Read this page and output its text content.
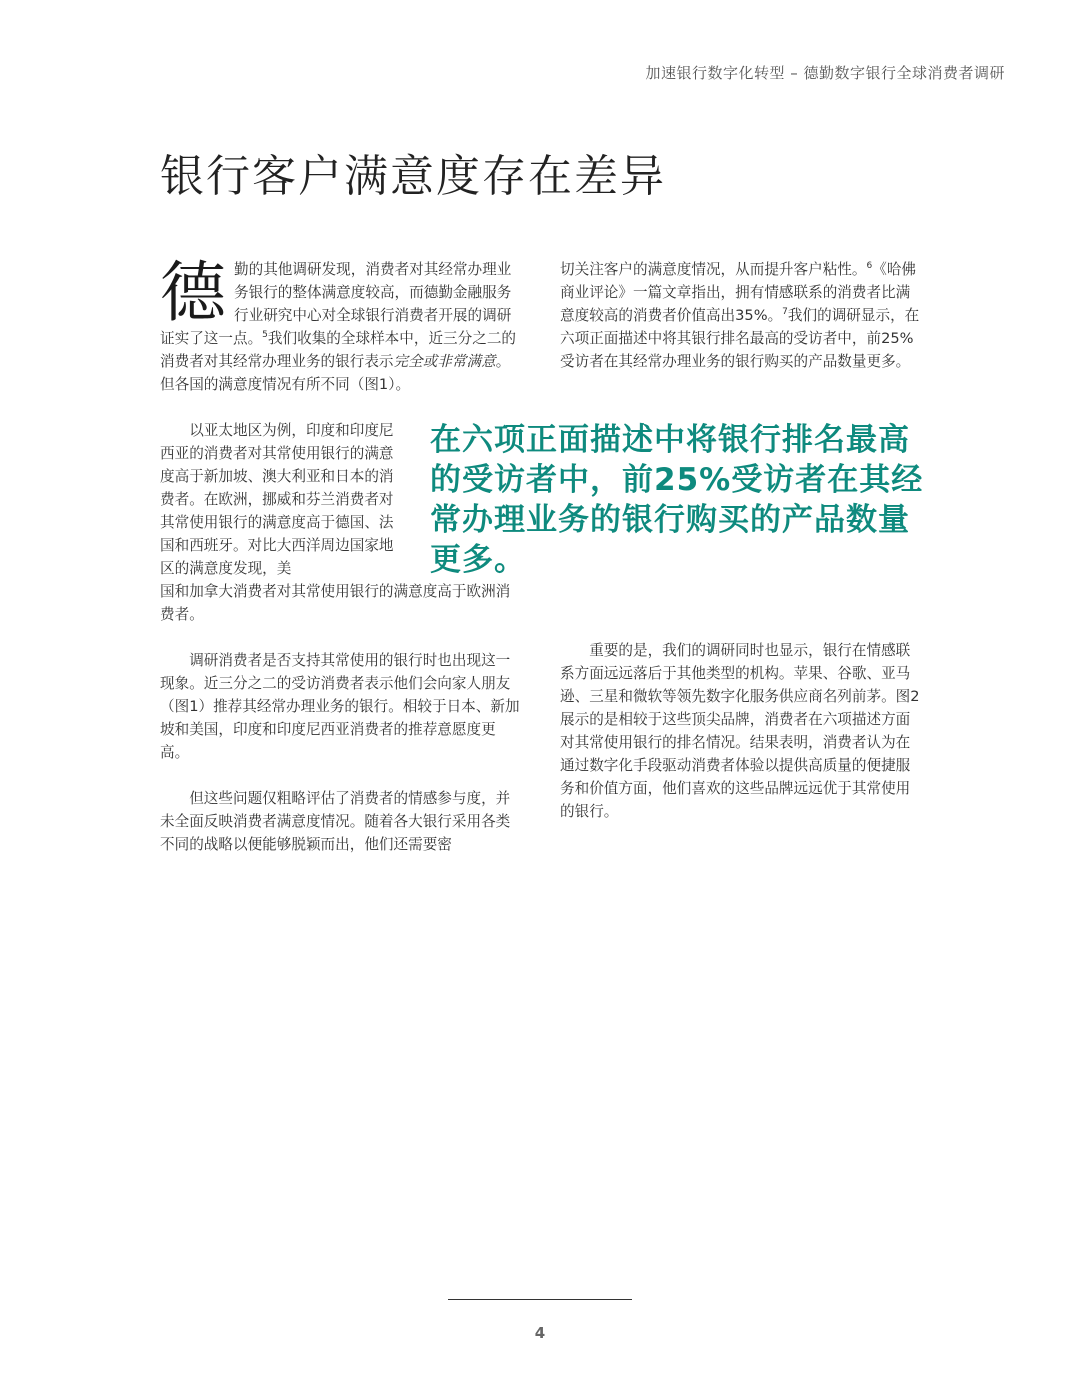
加速银行数字化转型 – 德勤数字银行全球消费者调研
银行客户满意度存在差异

德勤的其他调研发现，消费者对其经常办理业务银行的整体满意度较高，而德勤金融服务行业研究中心对全球银行消费者开展的调研证实了这一点。$^5$我们收集的全球样本中，近三分之二的消费者对其经常办理业务的银行表示完全或非常满意。但各国的满意度情况有所不同（图1）。

以亚太地区为例，印度和印度尼西亚的消费者对其常使用银行的满意度高于新加坡、澳大利亚和日本的消费者。在欧洲，挪威和芬兰消费者对其常使用银行的满意度高于德国、法国和西班牙。对比大西洋周边国家地区的满意度发现，美

国和加拿大消费者对其常使用银行的满意度高于欧洲消费者。

调研消费者是否支持其常使用的银行时也出现这一现象。近三分之二的受访消费者表示他们会向家人朋友（图1）推荐其经常办理业务的银行。相较于日本、新加坡和美国，印度和印度尼西亚消费者的推荐意愿度更高。

但这些问题仅粗略评估了消费者的情感参与度，并未全面反映消费者满意度情况。随着各大银行采用各类不同的战略以便能够脱颖而出，他们还需要密

切关注客户的满意度情况，从而提升客户粘性。$^6$《哈佛商业评论》一篇文章指出，拥有情感联系的消费者比满意度较高的消费者价值高出35%。$^7$我们的调研显示，在六项正面描述中将其银行排名最高的受访者中，前25%受访者在其经常办理业务的银行购买的产品数量更多。

在六项正面描述中将银行排名最高的受访者中，前25%受访者在其经常办理业务的银行购买的产品数量更多。

重要的是，我们的调研同时也显示，银行在情感联系方面远远落后于其他类型的机构。苹果、谷歌、亚马逊、三星和微软等领先数字化服务供应商名列前茅。图2展示的是相较于这些顶尖品牌，消费者在六项描述方面对其常使用银行的排名情况。结果表明，消费者认为在通过数字化手段驱动消费者体验以提供高质量的便捷服务和价值方面，他们喜欢的这些品牌远远优于其常使用的银行。

4
